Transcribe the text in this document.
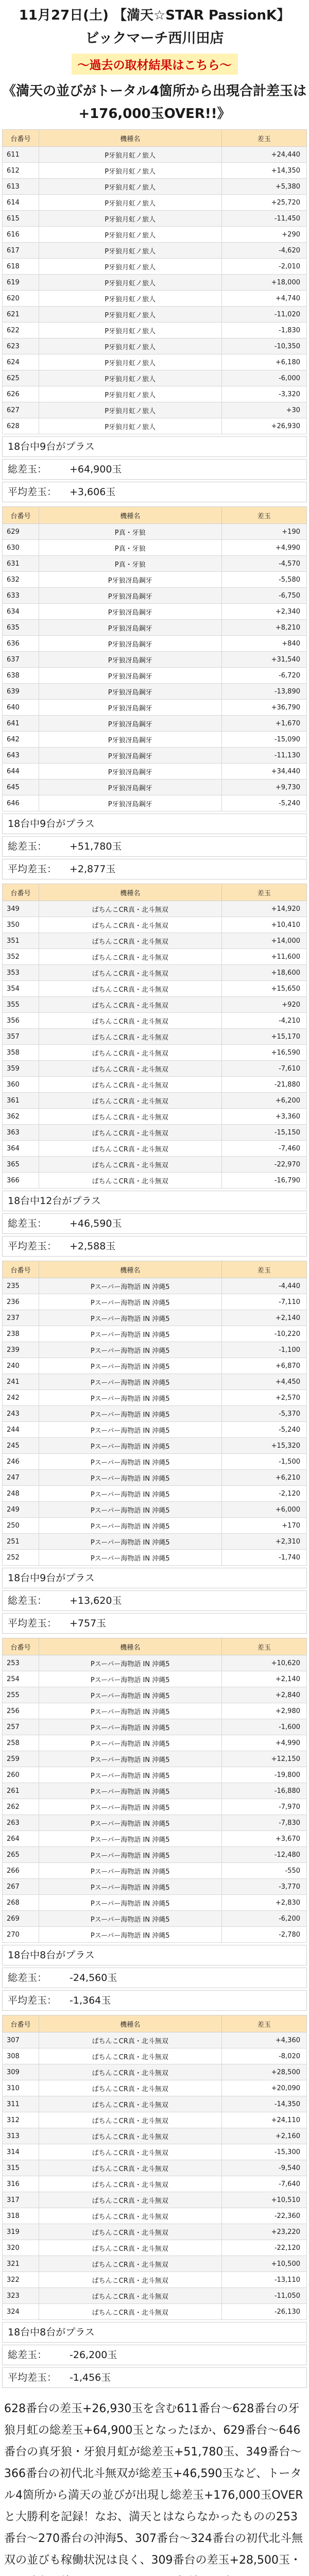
11月27日(土) 【満天☆STAR PassionK】
ビックマーチ西川田店
～過去の取材結果はこちら～
《満天の並びがトータル4箇所から出現合計差玉は+176,000玉OVER!!》
台番号	機種名	差玉
611	P牙狼月虹ノ旅人	+24,440
612	P牙狼月虹ノ旅人	+14,350
613	P牙狼月虹ノ旅人	+5,380
614	P牙狼月虹ノ旅人	+25,720
615	P牙狼月虹ノ旅人	-11,450
616	P牙狼月虹ノ旅人	+290
617	P牙狼月虹ノ旅人	-4,620
618	P牙狼月虹ノ旅人	-2,010
619	P牙狼月虹ノ旅人	+18,000
620	P牙狼月虹ノ旅人	+4,740
621	P牙狼月虹ノ旅人	-11,020
622	P牙狼月虹ノ旅人	-1,830
623	P牙狼月虹ノ旅人	-10,350
624	P牙狼月虹ノ旅人	+6,180
625	P牙狼月虹ノ旅人	-6,000
626	P牙狼月虹ノ旅人	-3,320
627	P牙狼月虹ノ旅人	+30
628	P牙狼月虹ノ旅人	+26,930
18台中9台がプラス
総差玉： +64,900玉
平均差玉： +3,606玉
台番号	機種名	差玉
629	P真・牙狼	+190
630	P真・牙狼	+4,990
631	P真・牙狼	-4,570
632	P牙狼冴島鋼牙	-5,580
633	P牙狼冴島鋼牙	-6,750
634	P牙狼冴島鋼牙	+2,340
635	P牙狼冴島鋼牙	+8,210
636	P牙狼冴島鋼牙	+840
637	P牙狼冴島鋼牙	+31,540
638	P牙狼冴島鋼牙	-6,720
639	P牙狼冴島鋼牙	-13,890
640	P牙狼冴島鋼牙	+36,790
641	P牙狼冴島鋼牙	+1,670
642	P牙狼冴島鋼牙	-15,090
643	P牙狼冴島鋼牙	-11,130
644	P牙狼冴島鋼牙	+34,440
645	P牙狼冴島鋼牙	+9,730
646	P牙狼冴島鋼牙	-5,240
18台中9台がプラス
総差玉： +51,780玉
平均差玉： +2,877玉
台番号	機種名	差玉
349	ぱちんこCR真・北斗無双	+14,920
350	ぱちんこCR真・北斗無双	+10,410
351	ぱちんこCR真・北斗無双	+14,000
352	ぱちんこCR真・北斗無双	+11,600
353	ぱちんこCR真・北斗無双	+18,600
354	ぱちんこCR真・北斗無双	+15,650
355	ぱちんこCR真・北斗無双	+920
356	ぱちんこCR真・北斗無双	-4,210
357	ぱちんこCR真・北斗無双	+15,170
358	ぱちんこCR真・北斗無双	+16,590
359	ぱちんこCR真・北斗無双	-7,610
360	ぱちんこCR真・北斗無双	-21,880
361	ぱちんこCR真・北斗無双	+6,200
362	ぱちんこCR真・北斗無双	+3,360
363	ぱちんこCR真・北斗無双	-15,150
364	ぱちんこCR真・北斗無双	-7,460
365	ぱちんこCR真・北斗無双	-22,970
366	ぱちんこCR真・北斗無双	-16,790
18台中12台がプラス
総差玉： +46,590玉
平均差玉： +2,588玉
台番号	機種名	差玉
235	Pスーパー海物語 IN 沖縄5	-4,440
236	Pスーパー海物語 IN 沖縄5	-7,110
237	Pスーパー海物語 IN 沖縄5	+2,140
238	Pスーパー海物語 IN 沖縄5	-10,220
239	Pスーパー海物語 IN 沖縄5	-1,100
240	Pスーパー海物語 IN 沖縄5	+6,870
241	Pスーパー海物語 IN 沖縄5	+4,450
242	Pスーパー海物語 IN 沖縄5	+2,570
243	Pスーパー海物語 IN 沖縄5	-5,370
244	Pスーパー海物語 IN 沖縄5	-5,240
245	Pスーパー海物語 IN 沖縄5	+15,320
246	Pスーパー海物語 IN 沖縄5	-1,500
247	Pスーパー海物語 IN 沖縄5	+6,210
248	Pスーパー海物語 IN 沖縄5	-2,120
249	Pスーパー海物語 IN 沖縄5	+6,000
250	Pスーパー海物語 IN 沖縄5	+170
251	Pスーパー海物語 IN 沖縄5	+2,310
252	Pスーパー海物語 IN 沖縄5	-1,740
18台中9台がプラス
総差玉： +13,620玉
平均差玉： +757玉
台番号	機種名	差玉
253	Pスーパー海物語 IN 沖縄5	+10,620
254	Pスーパー海物語 IN 沖縄5	+2,140
255	Pスーパー海物語 IN 沖縄5	+2,840
256	Pスーパー海物語 IN 沖縄5	+2,980
257	Pスーパー海物語 IN 沖縄5	-1,600
258	Pスーパー海物語 IN 沖縄5	+4,990
259	Pスーパー海物語 IN 沖縄5	+12,150
260	Pスーパー海物語 IN 沖縄5	-19,800
261	Pスーパー海物語 IN 沖縄5	-16,880
262	Pスーパー海物語 IN 沖縄5	-7,970
263	Pスーパー海物語 IN 沖縄5	-7,830
264	Pスーパー海物語 IN 沖縄5	+3,670
265	Pスーパー海物語 IN 沖縄5	-12,480
266	Pスーパー海物語 IN 沖縄5	-550
267	Pスーパー海物語 IN 沖縄5	-3,770
268	Pスーパー海物語 IN 沖縄5	+2,830
269	Pスーパー海物語 IN 沖縄5	-6,200
270	Pスーパー海物語 IN 沖縄5	-2,780
18台中8台がプラス
総差玉： -24,560玉
平均差玉： -1,364玉
台番号	機種名	差玉
307	ぱちんこCR真・北斗無双	+4,360
308	ぱちんこCR真・北斗無双	-8,020
309	ぱちんこCR真・北斗無双	+28,500
310	ぱちんこCR真・北斗無双	+20,090
311	ぱちんこCR真・北斗無双	-14,350
312	ぱちんこCR真・北斗無双	+24,110
313	ぱちんこCR真・北斗無双	+2,160
314	ぱちんこCR真・北斗無双	-15,300
315	ぱちんこCR真・北斗無双	-9,540
316	ぱちんこCR真・北斗無双	-7,640
317	ぱちんこCR真・北斗無双	+10,510
318	ぱちんこCR真・北斗無双	-22,360
319	ぱちんこCR真・北斗無双	+23,220
320	ぱちんこCR真・北斗無双	-22,120
321	ぱちんこCR真・北斗無双	+10,500
322	ぱちんこCR真・北斗無双	-13,110
323	ぱちんこCR真・北斗無双	-11,050
324	ぱちんこCR真・北斗無双	-26,130
18台中8台がプラス
総差玉： -26,200玉
平均差玉： -1,456玉
628番台の差玉+26,930玉を含む611番台〜628番台の牙狼月虹の総差玉+64,900玉となったほか、629番台〜646番台の真牙狼・牙狼月虹が総差玉+51,780玉、349番台〜366番台の初代北斗無双が総差玉+46,590玉など、トータル4箇所から満天の並びが出現し総差玉+176,000玉OVERと大勝利を記録！なお、満天とはならなかったものの253番台〜270番台の沖海5、307番台〜324番台の初代北斗無双の並びも稼働状況は良く、309番台の差玉+28,500玉・
